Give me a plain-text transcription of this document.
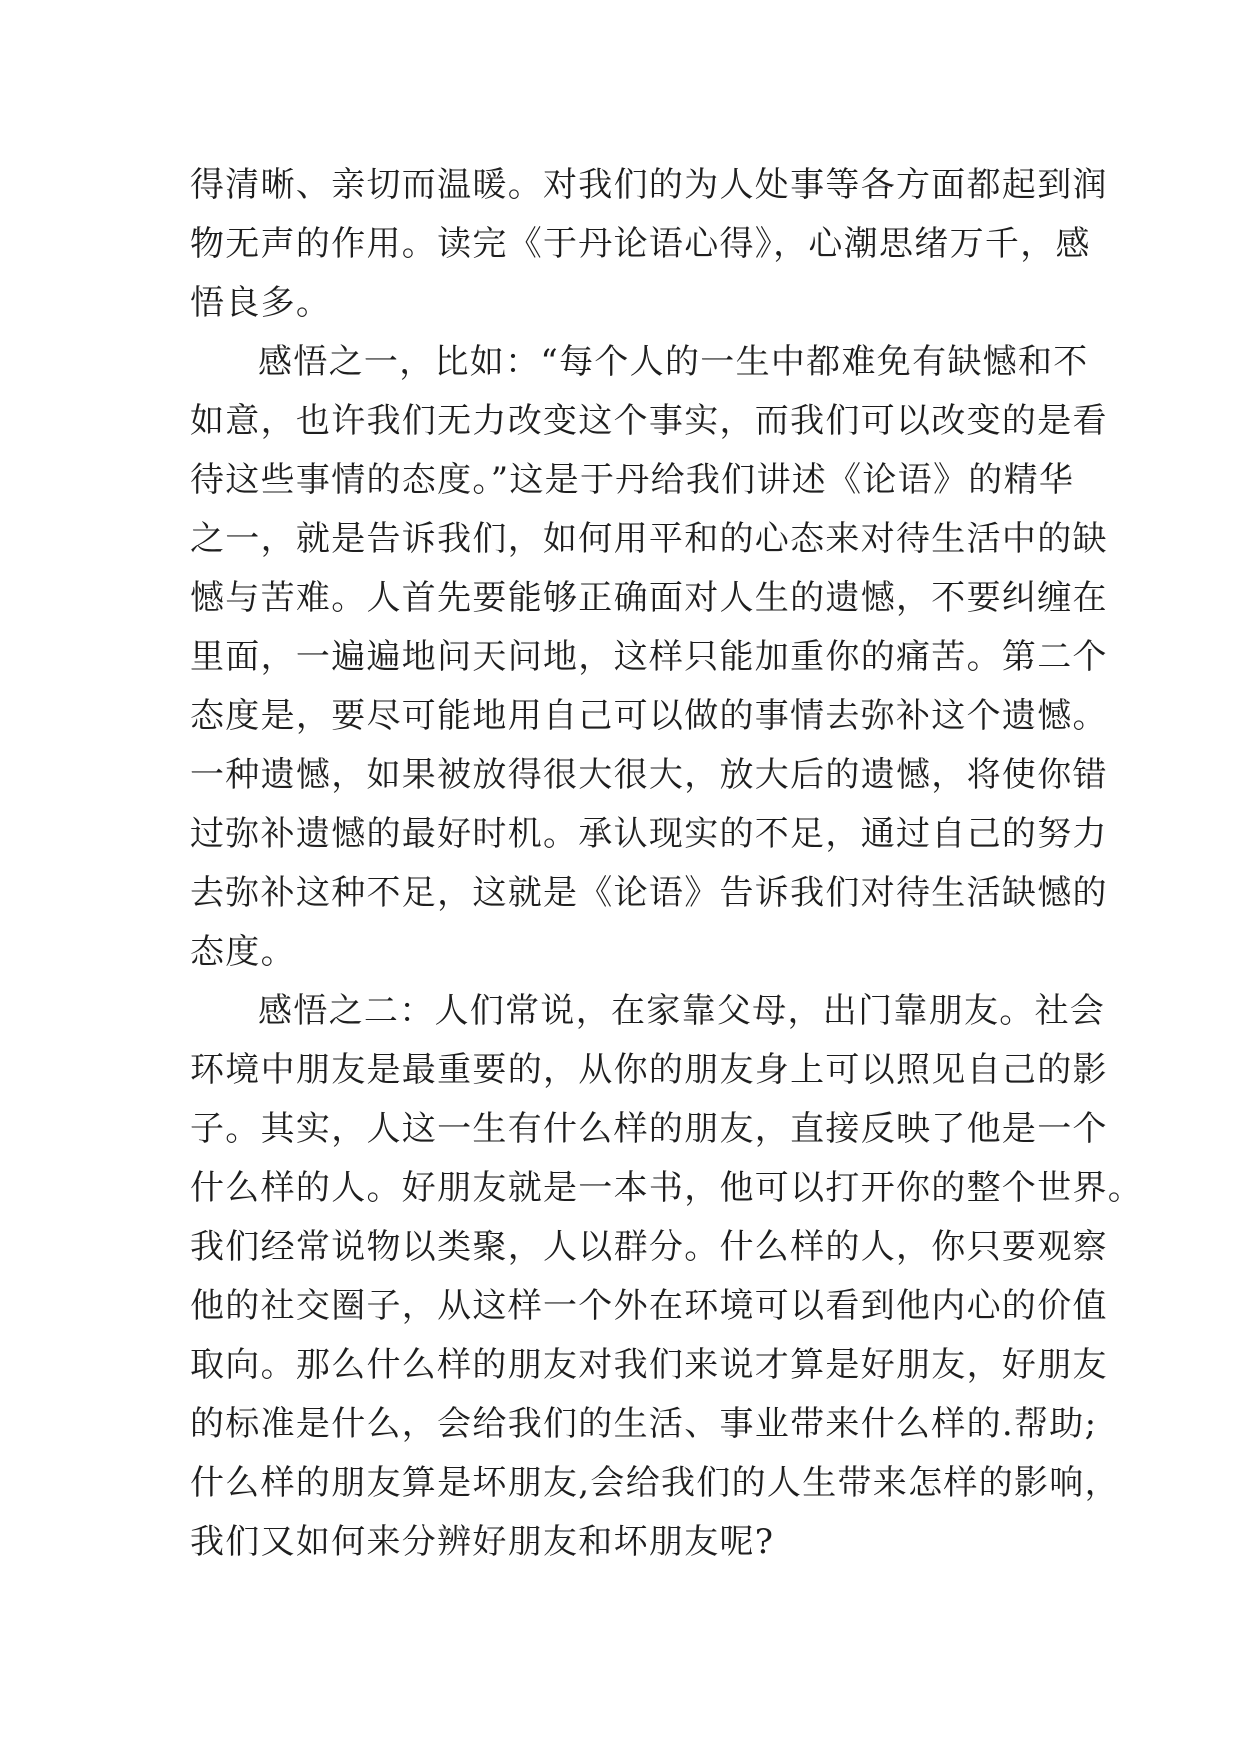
得清晰、亲切而温暖。对我们的为人处事等各方面都起到润
物无声的作用。读完《于丹论语心得》，心潮思绪万千，感
悟良多。
感悟之一，比如：“每个人的一生中都难免有缺憾和不
如意，也许我们无力改变这个事实，而我们可以改变的是看
待这些事情的态度。”这是于丹给我们讲述《论语》的精华
之一，就是告诉我们，如何用平和的心态来对待生活中的缺
憾与苦难。人首先要能够正确面对人生的遗憾，不要纠缠在
里面，一遍遍地问天问地，这样只能加重你的痛苦。第二个
态度是，要尽可能地用自己可以做的事情去弥补这个遗憾。
一种遗憾，如果被放得很大很大，放大后的遗憾，将使你错
过弥补遗憾的最好时机。承认现实的不足，通过自己的努力
去弥补这种不足，这就是《论语》告诉我们对待生活缺憾的
态度。
感悟之二：人们常说，在家靠父母，出门靠朋友。社会
环境中朋友是最重要的，从你的朋友身上可以照见自己的影
子。其实，人这一生有什么样的朋友，直接反映了他是一个
什么样的人。好朋友就是一本书，他可以打开你的整个世界。
我们经常说物以类聚，人以群分。什么样的人，你只要观察
他的社交圈子，从这样一个外在环境可以看到他内心的价值
取向。那么什么样的朋友对我们来说才算是好朋友，好朋友
的标准是什么，会给我们的生活、事业带来什么样的.帮助;
什么样的朋友算是坏朋友,会给我们的人生带来怎样的影响，
我们又如何来分辨好朋友和坏朋友呢?
